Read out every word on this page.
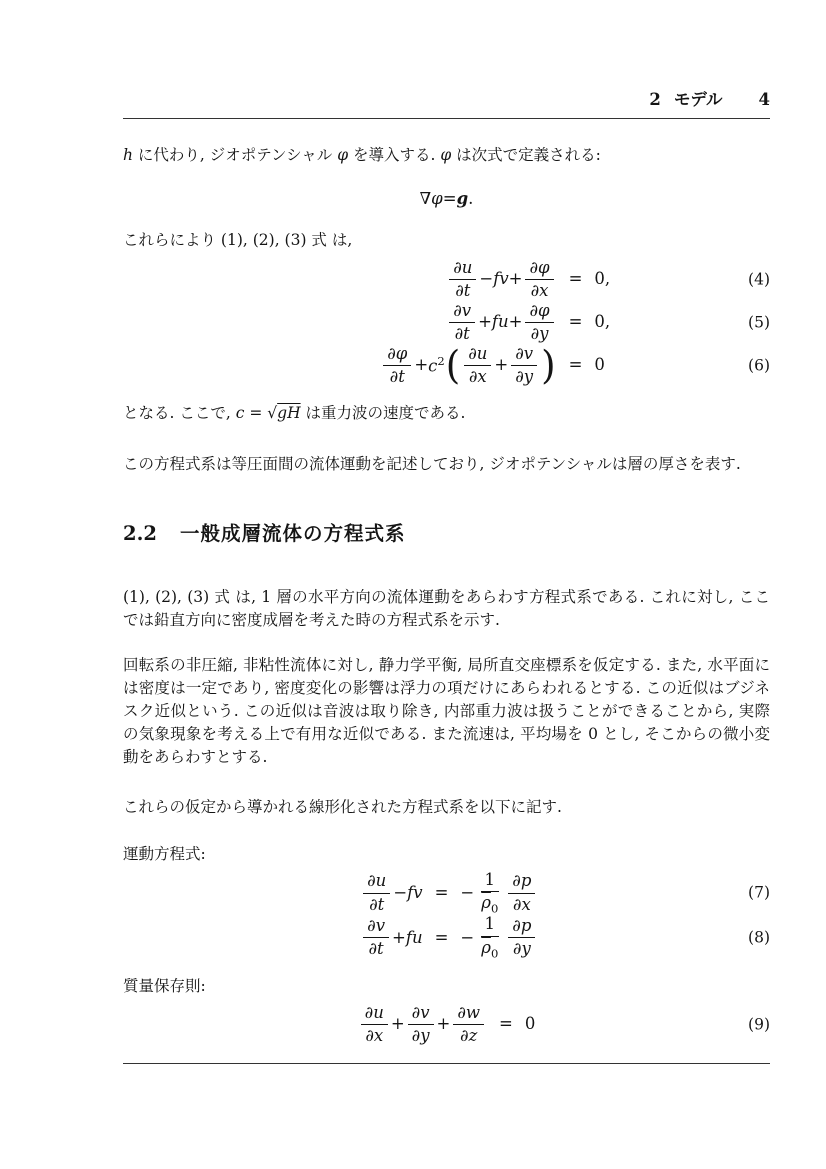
2 モデル 4

h に代わり, ジオポテンシャル φ を導入する. φ は次式で定義される:

∇ φ = g .

これらにより (1), (2), (3) 式 は,

$\frac{\partial u}{\partial t}$ − fv + $\frac{\partial\varphi}{\partial x} = 0$,	(4)
$\frac{\partial v}{\partial t}$ + fu + $\frac{\partial\varphi}{\partial y} = 0$,	(5)
$\frac{\partial\varphi}{\partial t} + c^2$ ( $\frac{\partial u}{\partial x} + \frac{\partial v}{\partial y}$ ) = 0	(6)

となる. ここで, c = √gH は重力波の速度である.

この方程式系は等圧面間の流体運動を記述しており, ジオポテンシャルは層の厚さを表す.

2.2 一般成層流体の方程式系

(1), (2), (3) 式 は, 1 層の水平方向の流体運動をあらわす方程式系である. これに対し, ここでは鉛直方向に密度成層を考えた時の方程式系を示す.

回転系の非圧縮, 非粘性流体に対し, 静力学平衡, 局所直交座標系を仮定する. また, 水平面には密度は一定であり, 密度変化の影響は浮力の項だけにあらわれるとする. この近似はブジネスク近似という. この近似は音波は取り除き, 内部重力波は扱うことができることから, 実際の気象現象を考える上で有用な近似である. また流速は, 平均場を 0 とし, そこからの微小変動をあらわすとする.

これらの仮定から導かれる線形化された方程式系を以下に記す.

運動方程式:

$\frac{\partial u}{\partial t}$ − fv = − $\frac{1}{\overline{\rho}_0} \frac{\partial p}{\partial x}$	(7)
$\frac{\partial v}{\partial t}$ + fu = − $\frac{1}{\overline{\rho}_0} \frac{\partial p}{\partial y}$	(8)

質量保存則:

$\frac{\partial u}{\partial x} + \frac{\partial v}{\partial y} + \frac{\partial w}{\partial z} = 0$	(9)
